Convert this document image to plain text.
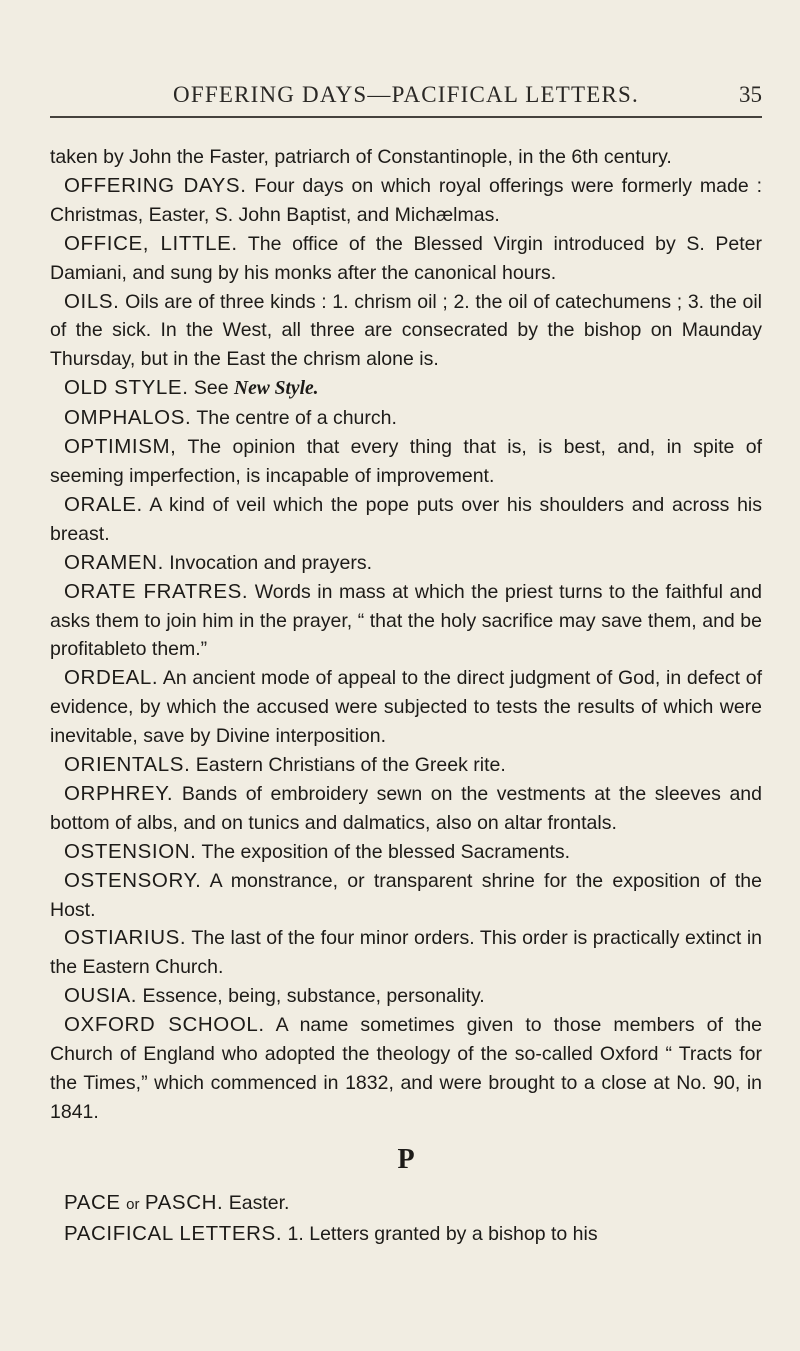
OFFERING DAYS—PACIFICAL LETTERS.	35

taken by John the Faster, patriarch of Constantinople, in the 6th century.

OFFERING DAYS. Four days on which royal offerings were formerly made : Christmas, Easter, S. John Baptist, and Michælmas.

OFFICE, LITTLE. The office of the Blessed Virgin introduced by S. Peter Damiani, and sung by his monks after the canonical hours.

OILS. Oils are of three kinds : 1. chrism oil ; 2. the oil of catechumens ; 3. the oil of the sick. In the West, all three are consecrated by the bishop on Maunday Thursday, but in the East the chrism alone is.

OLD STYLE. See New Style.

OMPHALOS. The centre of a church.

OPTIMISM, The opinion that every thing that is, is best, and, in spite of seeming imperfection, is incapable of improvement.

ORALE. A kind of veil which the pope puts over his shoulders and across his breast.

ORAMEN. Invocation and prayers.

ORATE FRATRES. Words in mass at which the priest turns to the faithful and asks them to join him in the prayer, “ that the holy sacrifice may save them, and be profitableto them.”

ORDEAL. An ancient mode of appeal to the direct judgment of God, in defect of evidence, by which the accused were subjected to tests the results of which were inevitable, save by Divine interposition.

ORIENTALS. Eastern Christians of the Greek rite.

ORPHREY. Bands of embroidery sewn on the vestments at the sleeves and bottom of albs, and on tunics and dalmatics, also on altar frontals.

OSTENSION. The exposition of the blessed Sacraments.

OSTENSORY. A monstrance, or transparent shrine for the exposition of the Host.

OSTIARIUS. The last of the four minor orders. This order is practically extinct in the Eastern Church.

OUSIA. Essence, being, substance, personality.

OXFORD SCHOOL. A name sometimes given to those members of the Church of England who adopted the theology of the so-called Oxford “ Tracts for the Times,” which commenced in 1832, and were brought to a close at No. 90, in 1841.

P

PACE or PASCH. Easter.

PACIFICAL LETTERS. 1. Letters granted by a bishop to his
